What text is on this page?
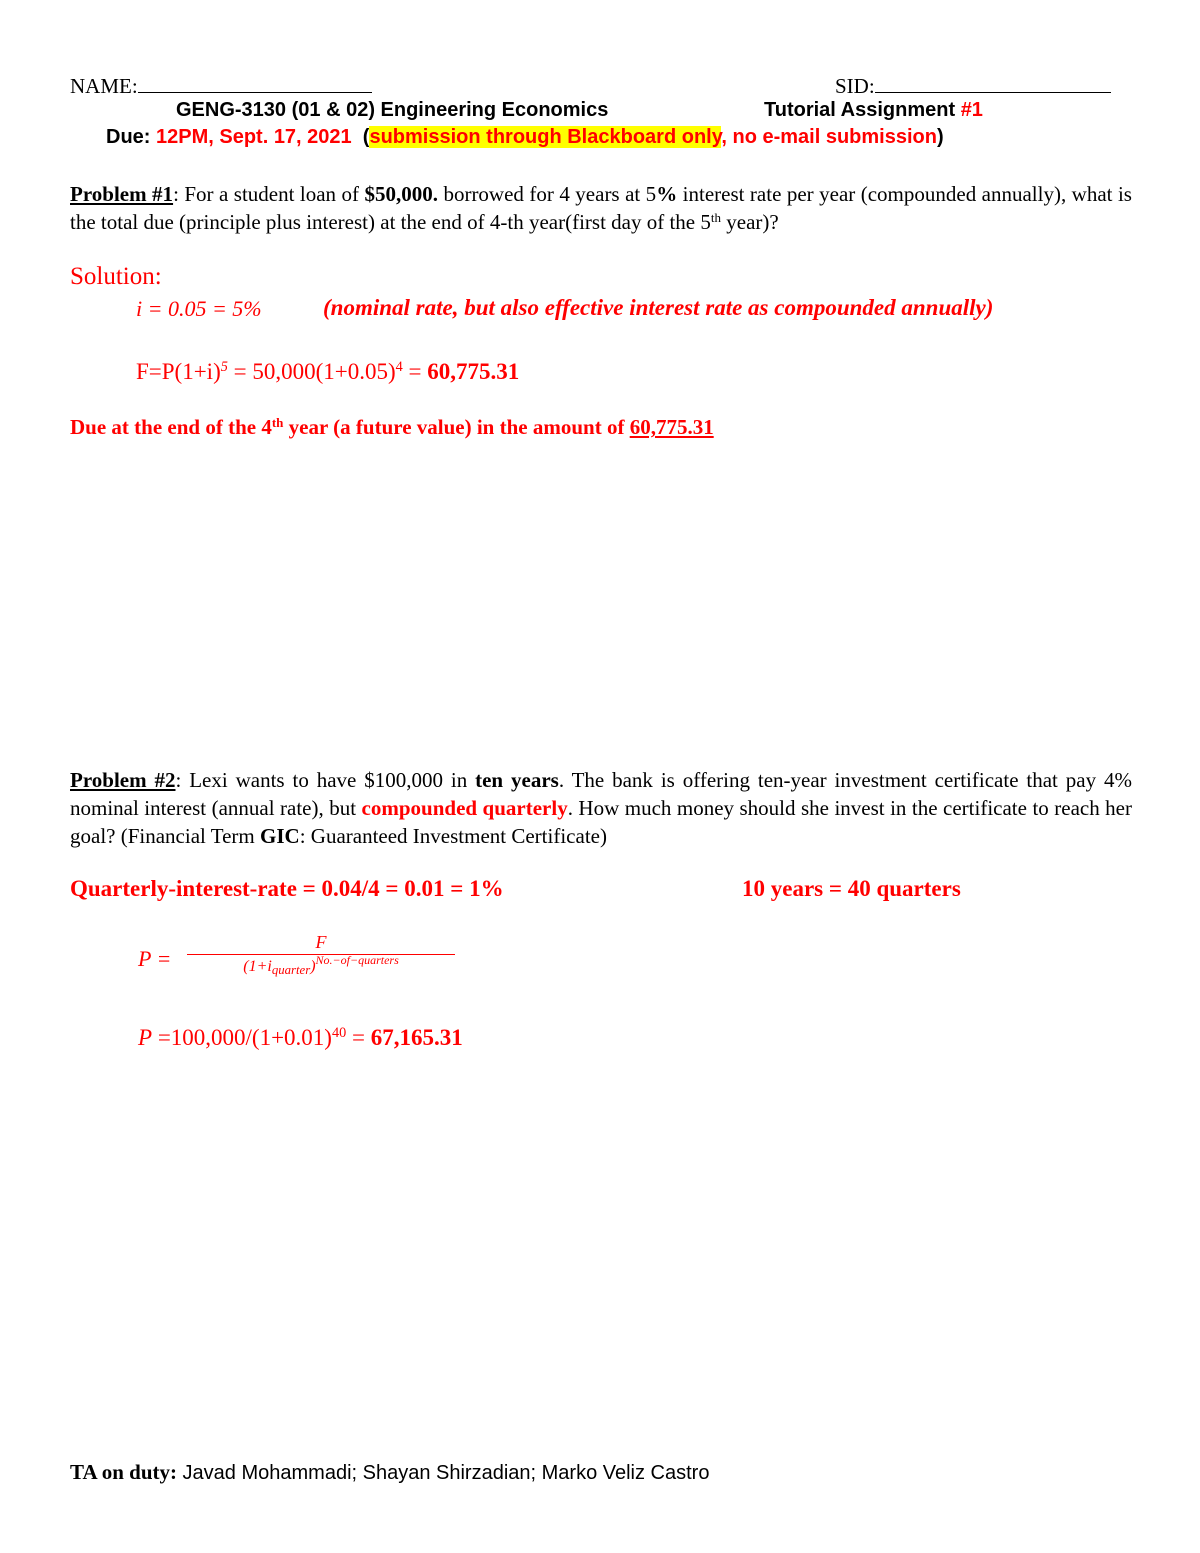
NAME:	SID:
GENG-3130 (01 & 02) Engineering Economics	Tutorial Assignment #1
Due: 12PM, Sept. 17, 2021 (submission through Blackboard only, no e-mail submission)
Problem #1: For a student loan of $50,000. borrowed for 4 years at 5% interest rate per year (compounded annually), what is the total due (principle plus interest) at the end of 4-th year(first day of the 5th year)?
Solution:
i = 0.05 = 5%	(nominal rate, but also effective interest rate as compounded annually)
$F=P(1+i)^5 = 50,000(1+0.05)^4 = 60,775.31$
Due at the end of the 4th year (a future value) in the amount of 60,775.31
Problem #2: Lexi wants to have $100,000 in ten years. The bank is offering ten-year investment certificate that pay 4% nominal interest (annual rate), but compounded quarterly. How much money should she invest in the certificate to reach her goal? (Financial Term GIC: Guaranteed Investment Certificate)
Quarterly-interest-rate = 0.04/4 = 0.01 = 1%	10 years = 40 quarters
P =
F
$(1+i_{quarter})^{No.-of-quarters}$
$P =100,000/(1+0.01)^{40} = 67,165.31$
TA on duty: Javad Mohammadi; Shayan Shirzadian; Marko Veliz Castro
